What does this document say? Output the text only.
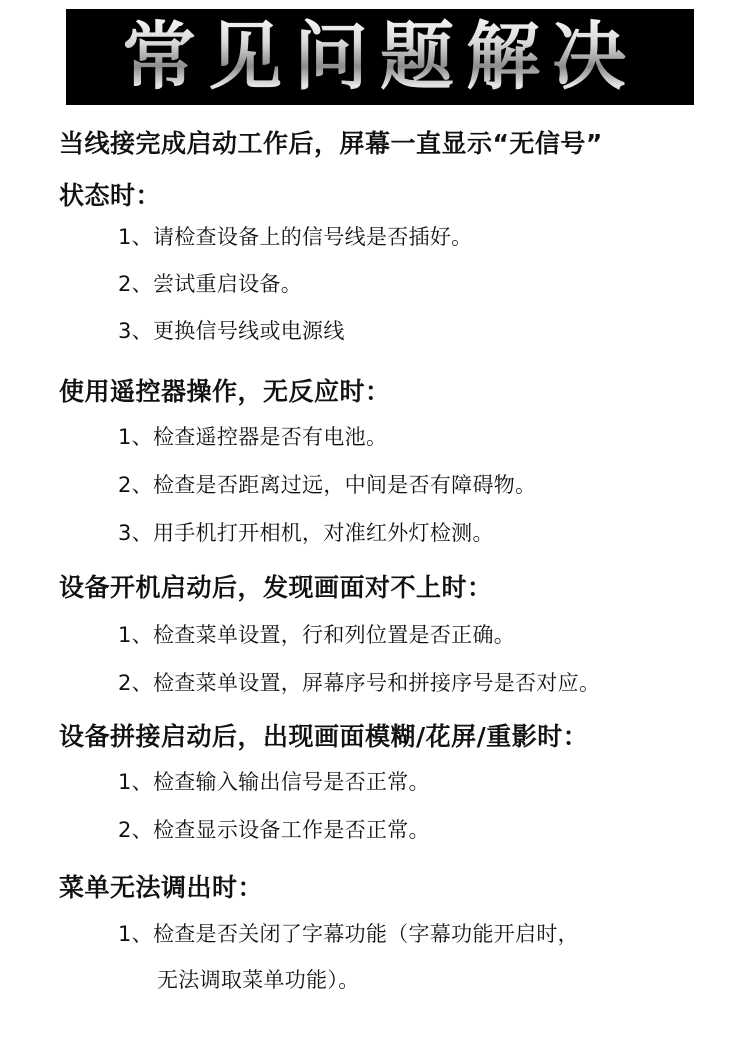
常见问题解决
当线接完成启动工作后，屏幕一直显示“无信号”
状态时：
1、请检查设备上的信号线是否插好。
2、尝试重启设备。
3、更换信号线或电源线
使用遥控器操作，无反应时：
1、检查遥控器是否有电池。
2、检查是否距离过远，中间是否有障碍物。
3、用手机打开相机，对准红外灯检测。
设备开机启动后，发现画面对不上时：
1、检查菜单设置，行和列位置是否正确。
2、检查菜单设置，屏幕序号和拼接序号是否对应。
设备拼接启动后，出现画面模糊/花屏/重影时：
1、检查输入输出信号是否正常。
2、检查显示设备工作是否正常。
菜单无法调出时：
1、检查是否关闭了字幕功能（字幕功能开启时，
无法调取菜单功能）。
